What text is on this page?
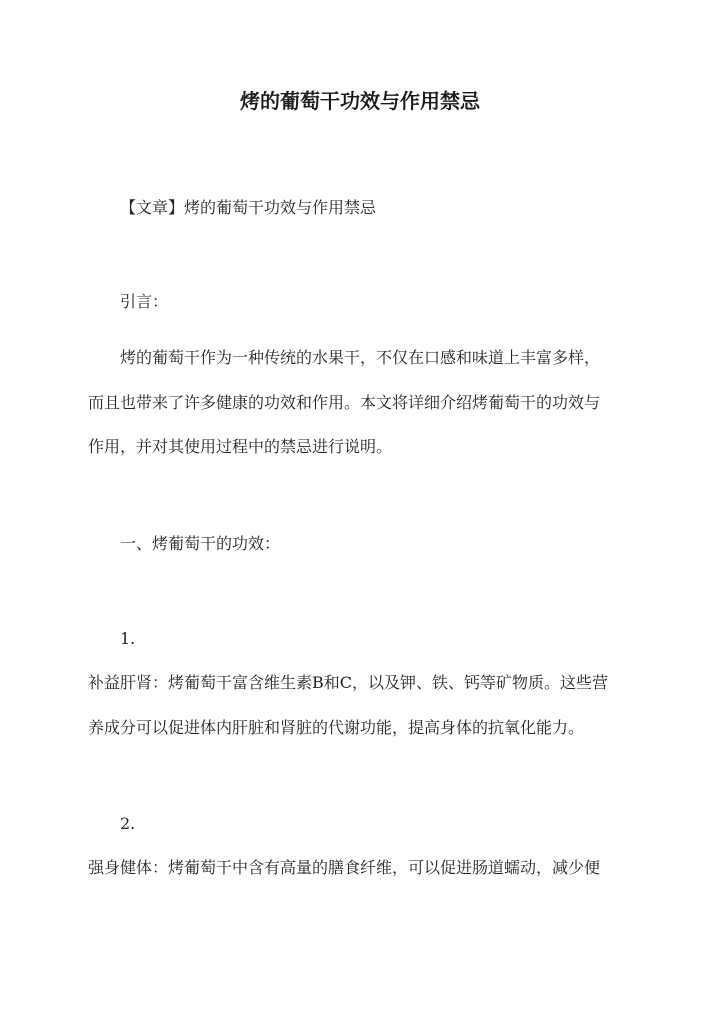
烤的葡萄干功效与作用禁忌
【文章】烤的葡萄干功效与作用禁忌
引言：
烤的葡萄干作为一种传统的水果干，不仅在口感和味道上丰富多样，
而且也带来了许多健康的功效和作用。本文将详细介绍烤葡萄干的功效与
作用，并对其使用过程中的禁忌进行说明。
一、烤葡萄干的功效：
1.
补益肝肾：烤葡萄干富含维生素B和C，以及钾、铁、钙等矿物质。这些营
养成分可以促进体内肝脏和肾脏的代谢功能，提高身体的抗氧化能力。
2.
强身健体：烤葡萄干中含有高量的膳食纤维，可以促进肠道蠕动，减少便
